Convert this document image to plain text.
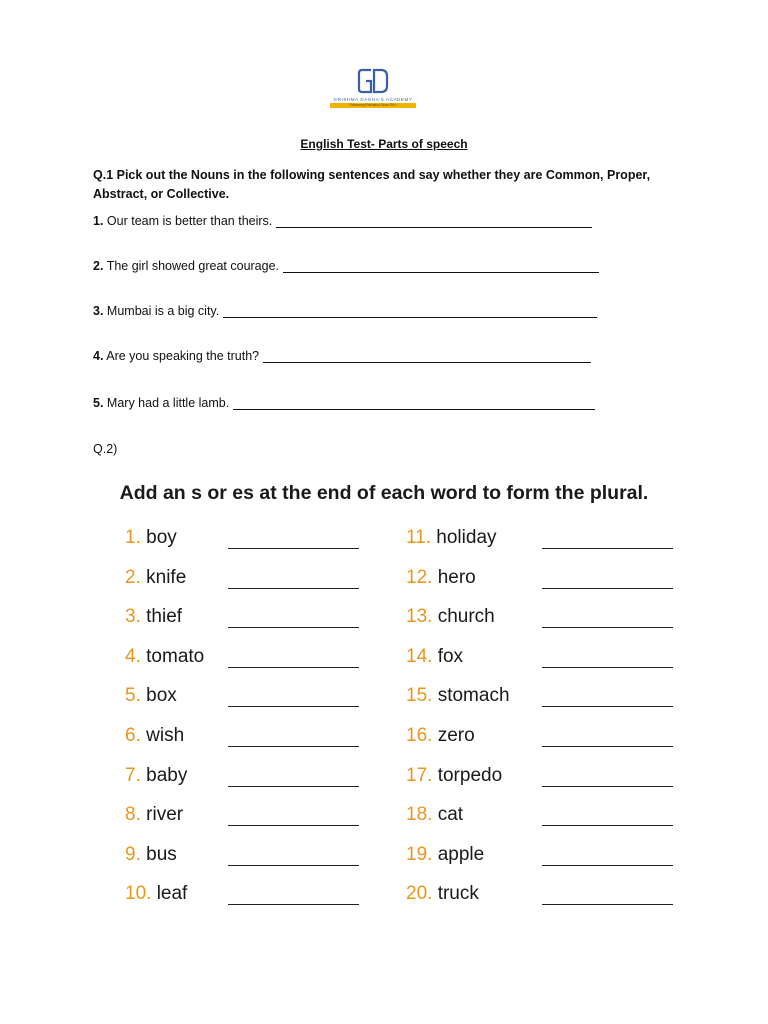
GRISHMA DAGHA'S ACADEMY
Enhancing Education Since 2010
English Test- Parts of speech
Q.1 Pick out the Nouns in the following sentences and say whether they are Common, Proper, Abstract, or Collective.
1. Our team is better than theirs.
2. The girl showed great courage.
3. Mumbai is a big city.
4. Are you speaking the truth?
5. Mary had a little lamb.
Q.2)
Add an s or es at the end of each word to form the plural.
1. boy
2. knife
3. thief
4. tomato
5. box
6. wish
7. baby
8. river
9. bus
10. leaf
11. holiday
12. hero
13. church
14. fox
15. stomach
16. zero
17. torpedo
18. cat
19. apple
20. truck
